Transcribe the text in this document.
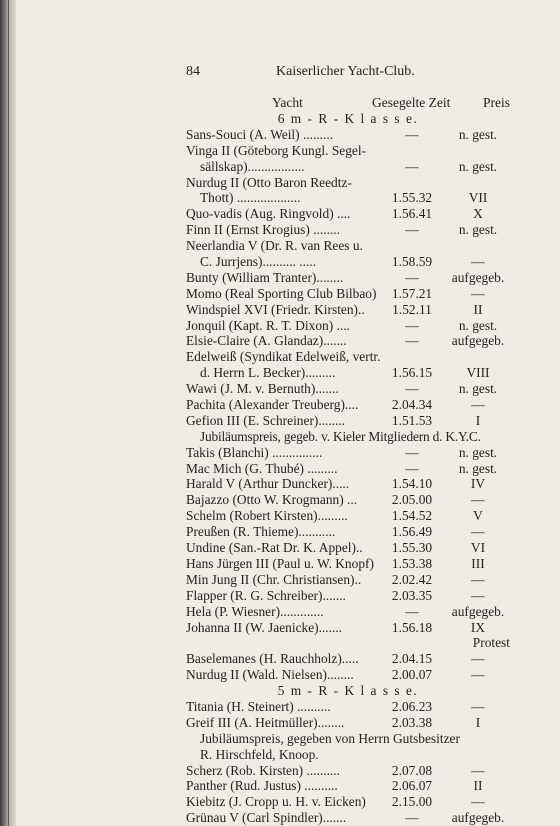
84	Kaiserlicher Yacht-Club.
Yacht	Gesegelte Zeit Preis
6 m - R - K l a s s e.
Sans-Souci (A. Weil) .........	—	n. gest.
Vinga II (Göteborg Kungl. Segel-
sällskap).................	—	n. gest.
Nurdug II (Otto Baron Reedtz-
Thott) ...................	1.55.32	VII
Quo-vadis (Aug. Ringvold) ....	1.56.41	X
Finn II (Ernst Krogius) ........	—	n. gest.
Neerlandia V (Dr. R. van Rees u.
C. Jurrjens).......... .....	1.58.59	—
Bunty (William Tranter)........	—	aufgegeb.
Momo (Real Sporting Club Bilbao)	1.57.21	—
Windspiel XVI (Friedr. Kirsten)..	1.52.11	II
Jonquil (Kapt. R. T. Dixon) ....	—	n. gest.
Elsie-Claire (A. Glandaz).......	—	aufgegeb.
Edelweiß (Syndikat Edelweiß, vertr.
d. Herrn L. Becker).........	1.56.15	VIII
Wawi (J. M. v. Bernuth).......	—	n. gest.
Pachita (Alexander Treuberg)....	2.04.34	—
Gefion III (E. Schreiner)........	1.51.53	I
Jubiläumspreis, gegeb. v. Kieler Mitgliedern d. K.Y.C.
Takis (Blanchi) ...............	—	n. gest.
Mac Mich (G. Thubé) .........	—	n. gest.
Harald V (Arthur Duncker).....	1.54.10	IV
Bajazzo (Otto W. Krogmann) ...	2.05.00	—
Schelm (Robert Kirsten).........	1.54.52	V
Preußen (R. Thieme)...........	1.56.49	—
Undine (San.-Rat Dr. K. Appel)..	1.55.30	VI
Hans Jürgen III (Paul u. W. Knopf)	1.53.38	III
Min Jung II (Chr. Christiansen)..	2.02.42	—
Flapper (R. G. Schreiber).......	2.03.35	—
Hela (P. Wiesner).............	—	aufgegeb.
Johanna II (W. Jaenicke).......	1.56.18	IX
Protest
Baselemanes (H. Rauchholz).....	2.04.15	—
Nurdug II (Wald. Nielsen)........	2.00.07	—
5 m - R - K l a s s e.
Titania (H. Steinert) ..........	2.06.23	—
Greif III (A. Heitmüller)........	2.03.38	I
Jubiläumspreis, gegeben von Herrn Gutsbesitzer
R. Hirschfeld, Knoop.
Scherz (Rob. Kirsten) ..........	2.07.08	—
Panther (Rud. Justus) ..........	2.06.07	II
Kiebitz (J. Cropp u. H. v. Eicken)	2.15.00	—
Grünau V (Carl Spindler).......	—	aufgegeb.
